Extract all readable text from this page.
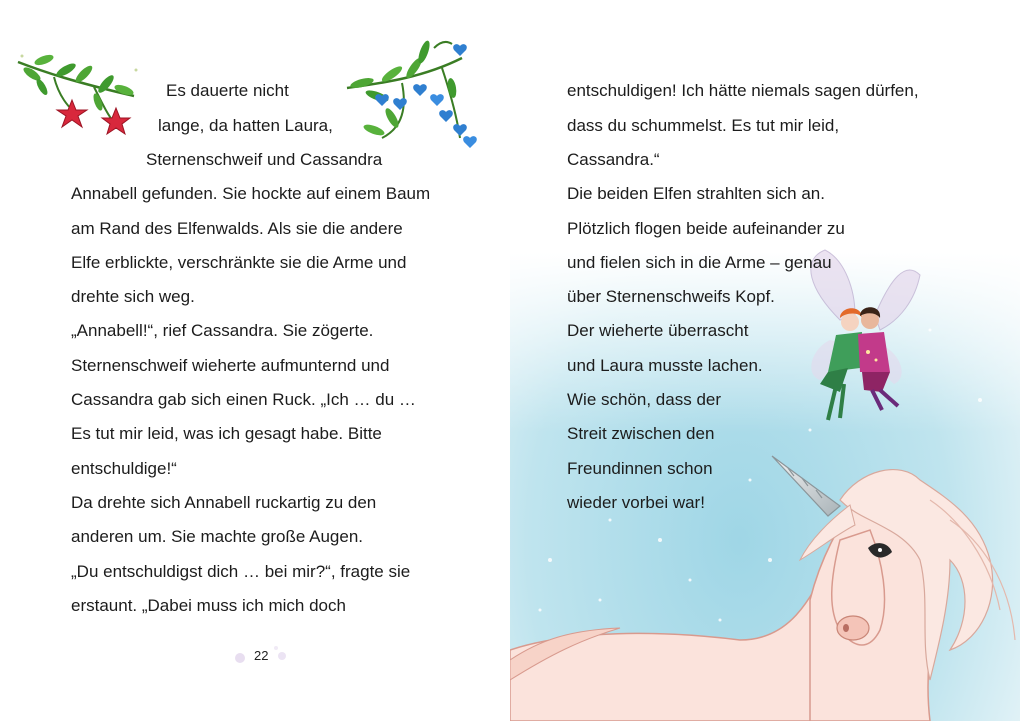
Es dauerte nicht
lange, da hatten Laura,
Sternenschweif und Cassandra
Annabell gefunden. Sie hockte auf einem Baum
am Rand des Elfenwalds. Als sie die andere
Elfe erblickte, verschränkte sie die Arme und
drehte sich weg.
„Annabell!“, rief Cassandra. Sie zögerte.
Sternenschweif wieherte aufmunternd und
Cassandra gab sich einen Ruck. „Ich … du …
Es tut mir leid, was ich gesagt habe. Bitte
entschuldige!“
Da drehte sich Annabell ruckartig zu den
anderen um. Sie machte große Augen.
„Du entschuldigst dich … bei mir?“, fragte sie
erstaunt. „Dabei muss ich mich doch
22
entschuldigen! Ich hätte niemals sagen dürfen,
dass du schummelst. Es tut mir leid,
Cassandra.“
Die beiden Elfen strahlten sich an.
Plötzlich flogen beide aufeinander zu
und fielen sich in die Arme – genau
über Sternenschweifs Kopf.
Der wieherte überrascht
und Laura musste lachen.
Wie schön, dass der
Streit zwischen den
Freundinnen schon
wieder vorbei war!
